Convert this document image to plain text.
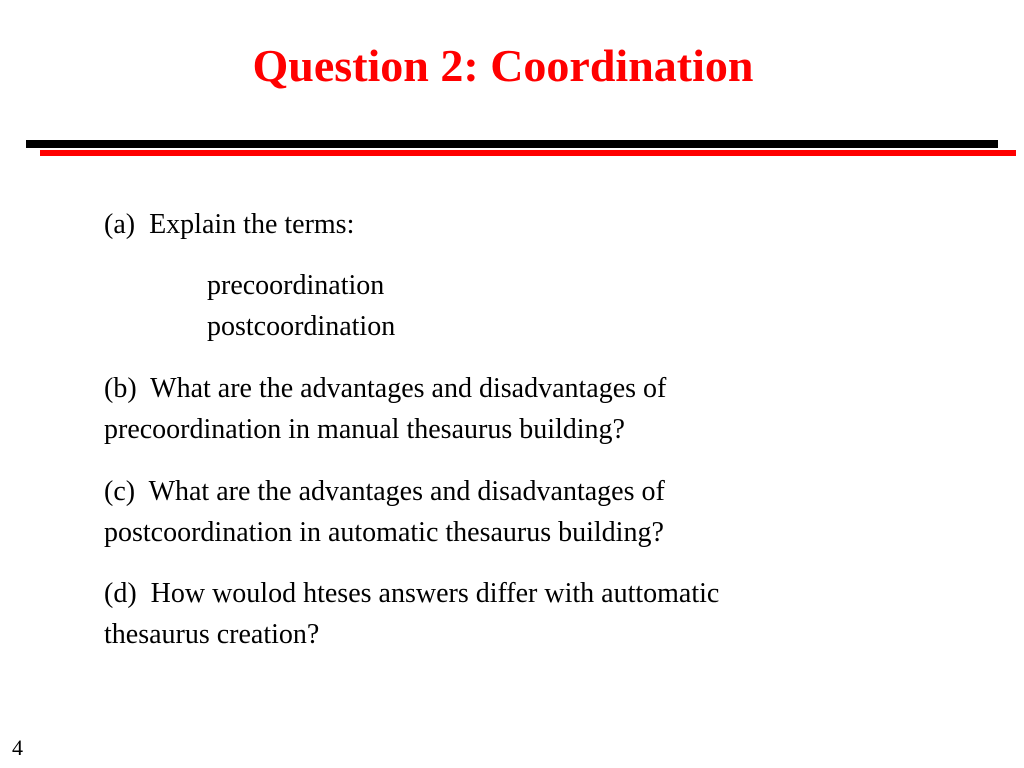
Question 2: Coordination
(a)  Explain the terms:
precoordination
postcoordination
(b)  What are the advantages and disadvantages of
precoordination in manual thesaurus building?
(c)  What are the advantages and disadvantages of
postcoordination in automatic thesaurus building?
(d)  How woulod hteses answers differ with auttomatic
thesaurus creation?
4
